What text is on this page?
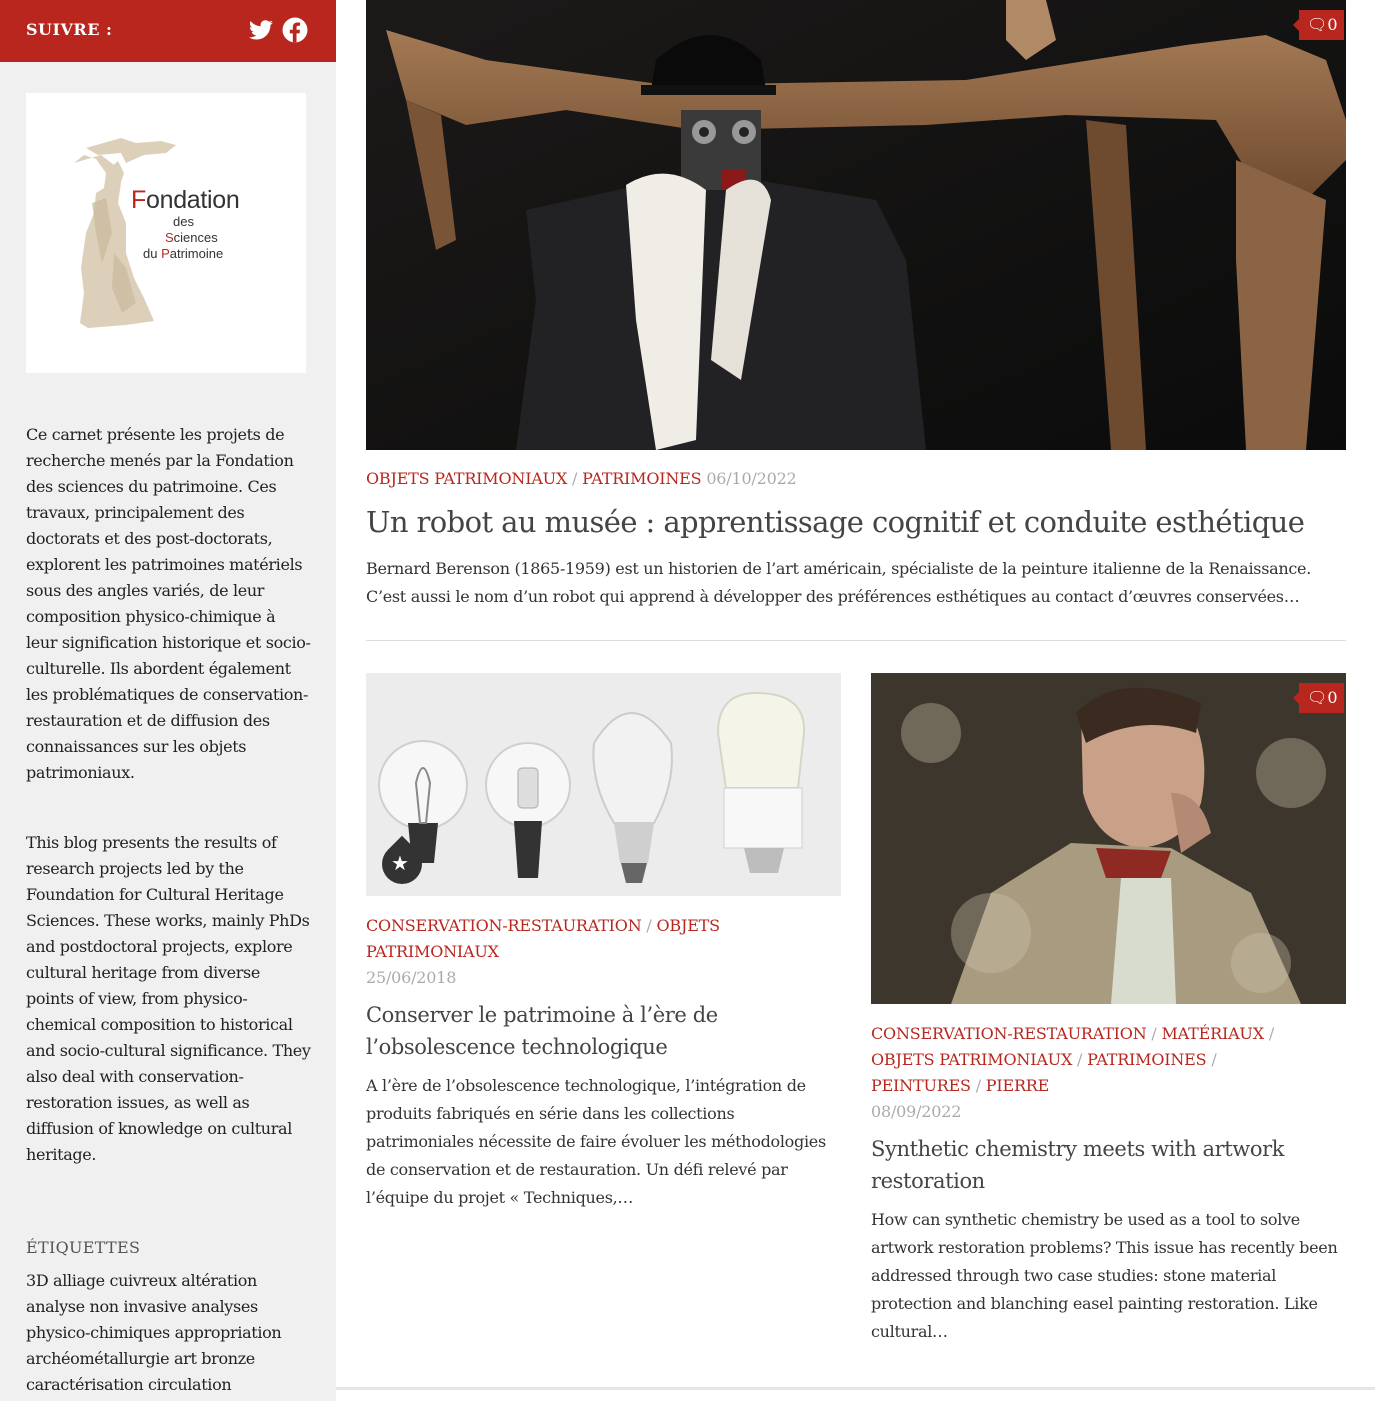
SUIVRE :
Fondation
des
Sciences
du Patrimoine

Ce carnet présente les projets de recherche menés par la Fondation des sciences du patrimoine. Ces travaux, principalement des doctorats et des post-doctorats, explorent les patrimoines matériels sous des angles variés, de leur composition physico-chimique à leur signification historique et socio-culturelle. Ils abordent également les problématiques de conservation-restauration et de diffusion des connaissances sur les objets patrimoniaux.

This blog presents the results of research projects led by the Foundation for Cultural Heritage Sciences. These works, mainly PhDs and postdoctoral projects, explore cultural heritage from diverse points of view, from physico-chemical composition to historical and socio-cultural significance. They also deal with conservation-restoration issues, as well as diffusion of knowledge on cultural heritage.

ÉTIQUETTES
3D alliage cuivreux altération analyse non invasive analyses physico-chimiques appropriation archéométallurgie art bronze caractérisation circulation
🗨︎0
OBJETS PATRIMONIAUX / PATRIMOINES 06/10/2022
Un robot au musée : apprentissage cognitif et conduite esthétique

Bernard Berenson (1865-1959) est un historien de l’art américain, spécialiste de la peinture italienne de la Renaissance. C’est aussi le nom d’un robot qui apprend à développer des préférences esthétiques au contact d’œuvres conservées…

★
CONSERVATION-RESTAURATION / OBJETS PATRIMONIAUX
25/06/2018
Conserver le patrimoine à l’ère de l’obsolescence technologique

A l’ère de l’obsolescence technologique, l’intégration de produits fabriqués en série dans les collections patrimoniales nécessite de faire évoluer les méthodologies de conservation et de restauration. Un défi relevé par l’équipe du projet « Techniques,…

🗨︎0
CONSERVATION-RESTAURATION / MATÉRIAUX /
OBJETS PATRIMONIAUX / PATRIMOINES /
PEINTURES / PIERRE
08/09/2022
Synthetic chemistry meets with artwork restoration

How can synthetic chemistry be used as a tool to solve artwork restoration problems? This issue has recently been addressed through two case studies: stone material protection and blanching easel painting restoration. Like cultural…
